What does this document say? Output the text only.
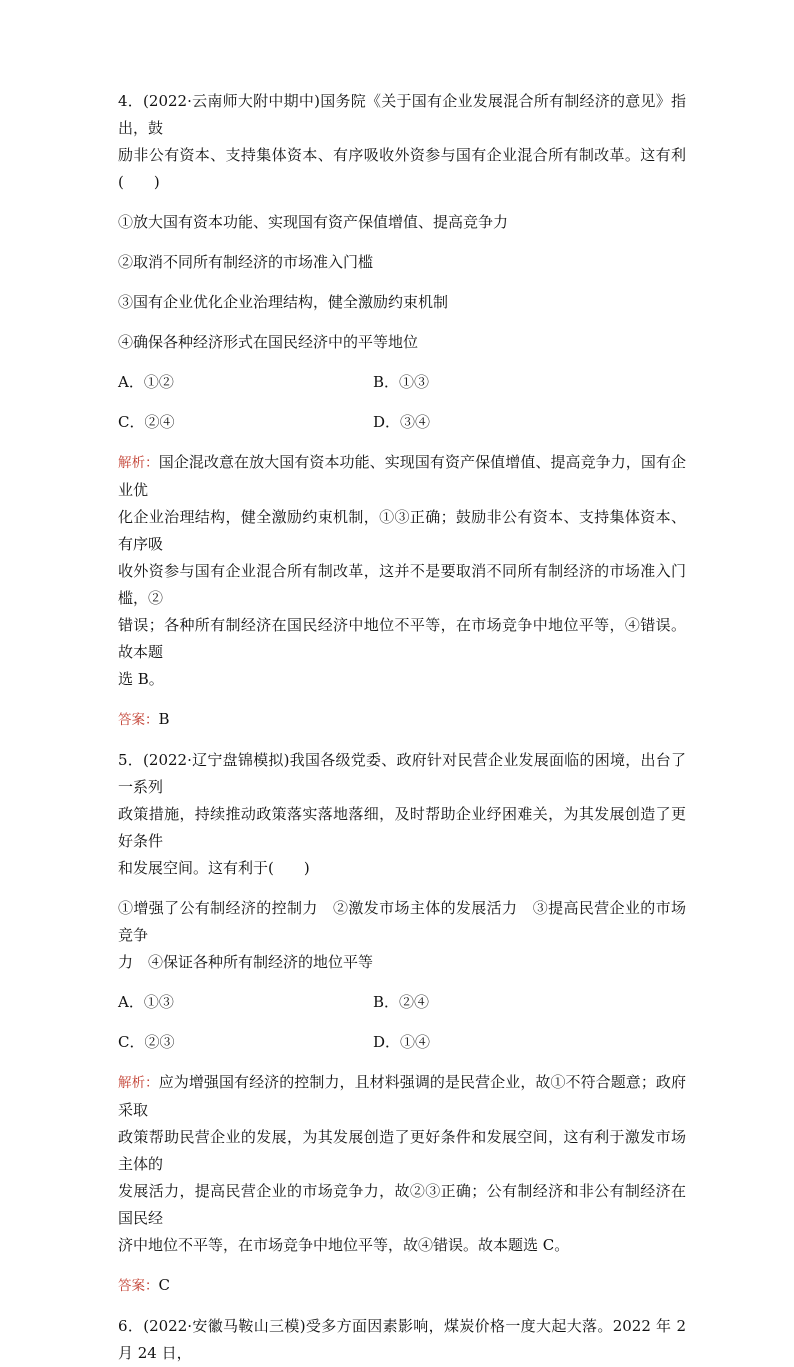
4．(2022·云南师大附中期中)国务院《关于国有企业发展混合所有制经济的意见》指出，鼓

励非公有资本、支持集体资本、有序吸收外资参与国有企业混合所有制改革。这有利(　　)

①放大国有资本功能、实现国有资产保值增值、提高竞争力

②取消不同所有制经济的市场准入门槛

③国有企业优化企业治理结构，健全激励约束机制

④确保各种经济形式在国民经济中的平等地位

A．①②	B．①③
C．②④	D．③④

解析：国企混改意在放大国有资本功能、实现国有资产保值增值、提高竞争力，国有企业优

化企业治理结构，健全激励约束机制，①③正确；鼓励非公有资本、支持集体资本、有序吸

收外资参与国有企业混合所有制改革，这并不是要取消不同所有制经济的市场准入门槛，②

错误；各种所有制经济在国民经济中地位不平等，在市场竞争中地位平等，④错误。故本题

选 B。

答案：B

5．(2022·辽宁盘锦模拟)我国各级党委、政府针对民营企业发展面临的困境，出台了一系列

政策措施，持续推动政策落实落地落细，及时帮助企业纾困难关，为其发展创造了更好条件

和发展空间。这有利于(　　)

①增强了公有制经济的控制力　②激发市场主体的发展活力　③提高民营企业的市场竞争

力　④保证各种所有制经济的地位平等

A．①③	B．②④
C．②③	D．①④

解析：应为增强国有经济的控制力，且材料强调的是民营企业，故①不符合题意；政府采取

政策帮助民营企业的发展，为其发展创造了更好条件和发展空间，这有利于激发市场主体的

发展活力，提高民营企业的市场竞争力，故②③正确；公有制经济和非公有制经济在国民经

济中地位不平等，在市场竞争中地位平等，故④错误。故本题选 C。

答案：C

6．(2022·安徽马鞍山三模)受多方面因素影响，煤炭价格一度大起大落。2022 年 2 月 24 日，
